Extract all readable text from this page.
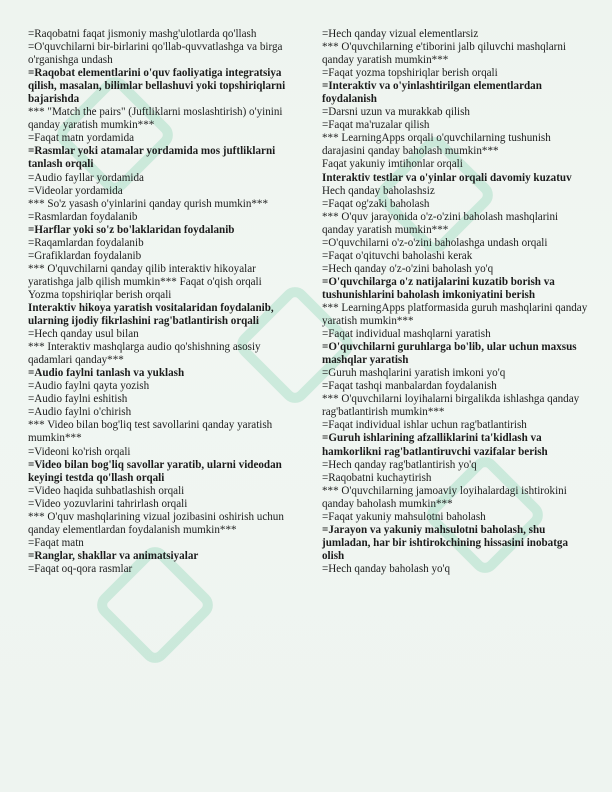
=Raqobatni faqat jismoniy mashg'ulotlarda qo'llash

=O'quvchilarni bir-birlarini qo'llab-quvvatlashga va birga o'rganishga undash

=Raqobat elementlarini o'quv faoliyatiga integratsiya qilish, masalan, bilimlar bellashuvi yoki topshiriqlarni bajarishda

*** "Match the pairs" (Juftliklarni moslashtirish) o'yinini qanday yaratish mumkin***

=Faqat matn yordamida

=Rasmlar yoki atamalar yordamida mos juftliklarni tanlash orqali

=Audio fayllar yordamida

=Videolar yordamida

*** So'z yasash o'yinlarini qanday qurish mumkin***

=Rasmlardan foydalanib

=Harflar yoki so'z bo'laklaridan foydalanib

=Raqamlardan foydalanib

=Grafiklardan foydalanib

*** O'quvchilarni qanday qilib interaktiv hikoyalar yaratishga jalb qilish mumkin*** Faqat o'qish orqali

Yozma topshiriqlar berish orqali

Interaktiv hikoya yaratish vositalaridan foydalanib, ularning ijodiy fikrlashini rag'batlantirish orqali

=Hech qanday usul bilan

*** Interaktiv mashqlarga audio qo'shishning asosiy qadamlari qanday***

=Audio faylni tanlash va yuklash

=Audio faylni qayta yozish

=Audio faylni eshitish

=Audio faylni o'chirish

*** Video bilan bog'liq test savollarini qanday yaratish mumkin***

=Videoni ko'rish orqali

=Video bilan bog'liq savollar yaratib, ularni videodan keyingi testda qo'llash orqali

=Video haqida suhbatlashish orqali

=Video yozuvlarini tahrirlash orqali

*** O'quv mashqlarining vizual jozibasini oshirish uchun qanday elementlardan foydalanish mumkin***

=Faqat matn

=Ranglar, shakllar va animatsiyalar

=Faqat oq-qora rasmlar

=Hech qanday vizual elementlarsiz

*** O'quvchilarning e'tiborini jalb qiluvchi mashqlarni qanday yaratish mumkin***

=Faqat yozma topshiriqlar berish orqali

=Interaktiv va o'yinlashtirilgan elementlardan foydalanish

=Darsni uzun va murakkab qilish

=Faqat ma'ruzalar qilish

*** LearningApps orqali o'quvchilarning tushunish darajasini qanday baholash mumkin***

Faqat yakuniy imtihonlar orqali

Interaktiv testlar va o'yinlar orqali davomiy kuzatuv

Hech qanday baholashsiz

=Faqat og'zaki baholash

*** O'quv jarayonida o'z-o'zini baholash mashqlarini qanday yaratish mumkin***

=O'quvchilarni o'z-o'zini baholashga undash orqali

=Faqat o'qituvchi baholashi kerak

=Hech qanday o'z-o'zini baholash yo'q

=O'quvchilarga o'z natijalarini kuzatib borish va tushunishlarini baholash imkoniyatini berish

*** LearningApps platformasida guruh mashqlarini qanday yaratish mumkin***

=Faqat individual mashqlarni yaratish

=O'quvchilarni guruhlarga bo'lib, ular uchun maxsus mashqlar yaratish

=Guruh mashqlarini yaratish imkoni yo'q

=Faqat tashqi manbalardan foydalanish

*** O'quvchilarni loyihalarni birgalikda ishlashga qanday rag'batlantirish mumkin***

=Faqat individual ishlar uchun rag'batlantirish

=Guruh ishlarining afzalliklarini ta'kidlash va hamkorlikni rag'batlantiruvchi vazifalar berish

=Hech qanday rag'batlantirish yo'q

=Raqobatni kuchaytirish

*** O'quvchilarning jamoaviy loyihalardagi ishtirokini qanday baholash mumkin***

=Faqat yakuniy mahsulotni baholash

=Jarayon va yakuniy mahsulotni baholash, shu jumladan, har bir ishtirokchining hissasini inobatga olish

=Hech qanday baholash yo'q
